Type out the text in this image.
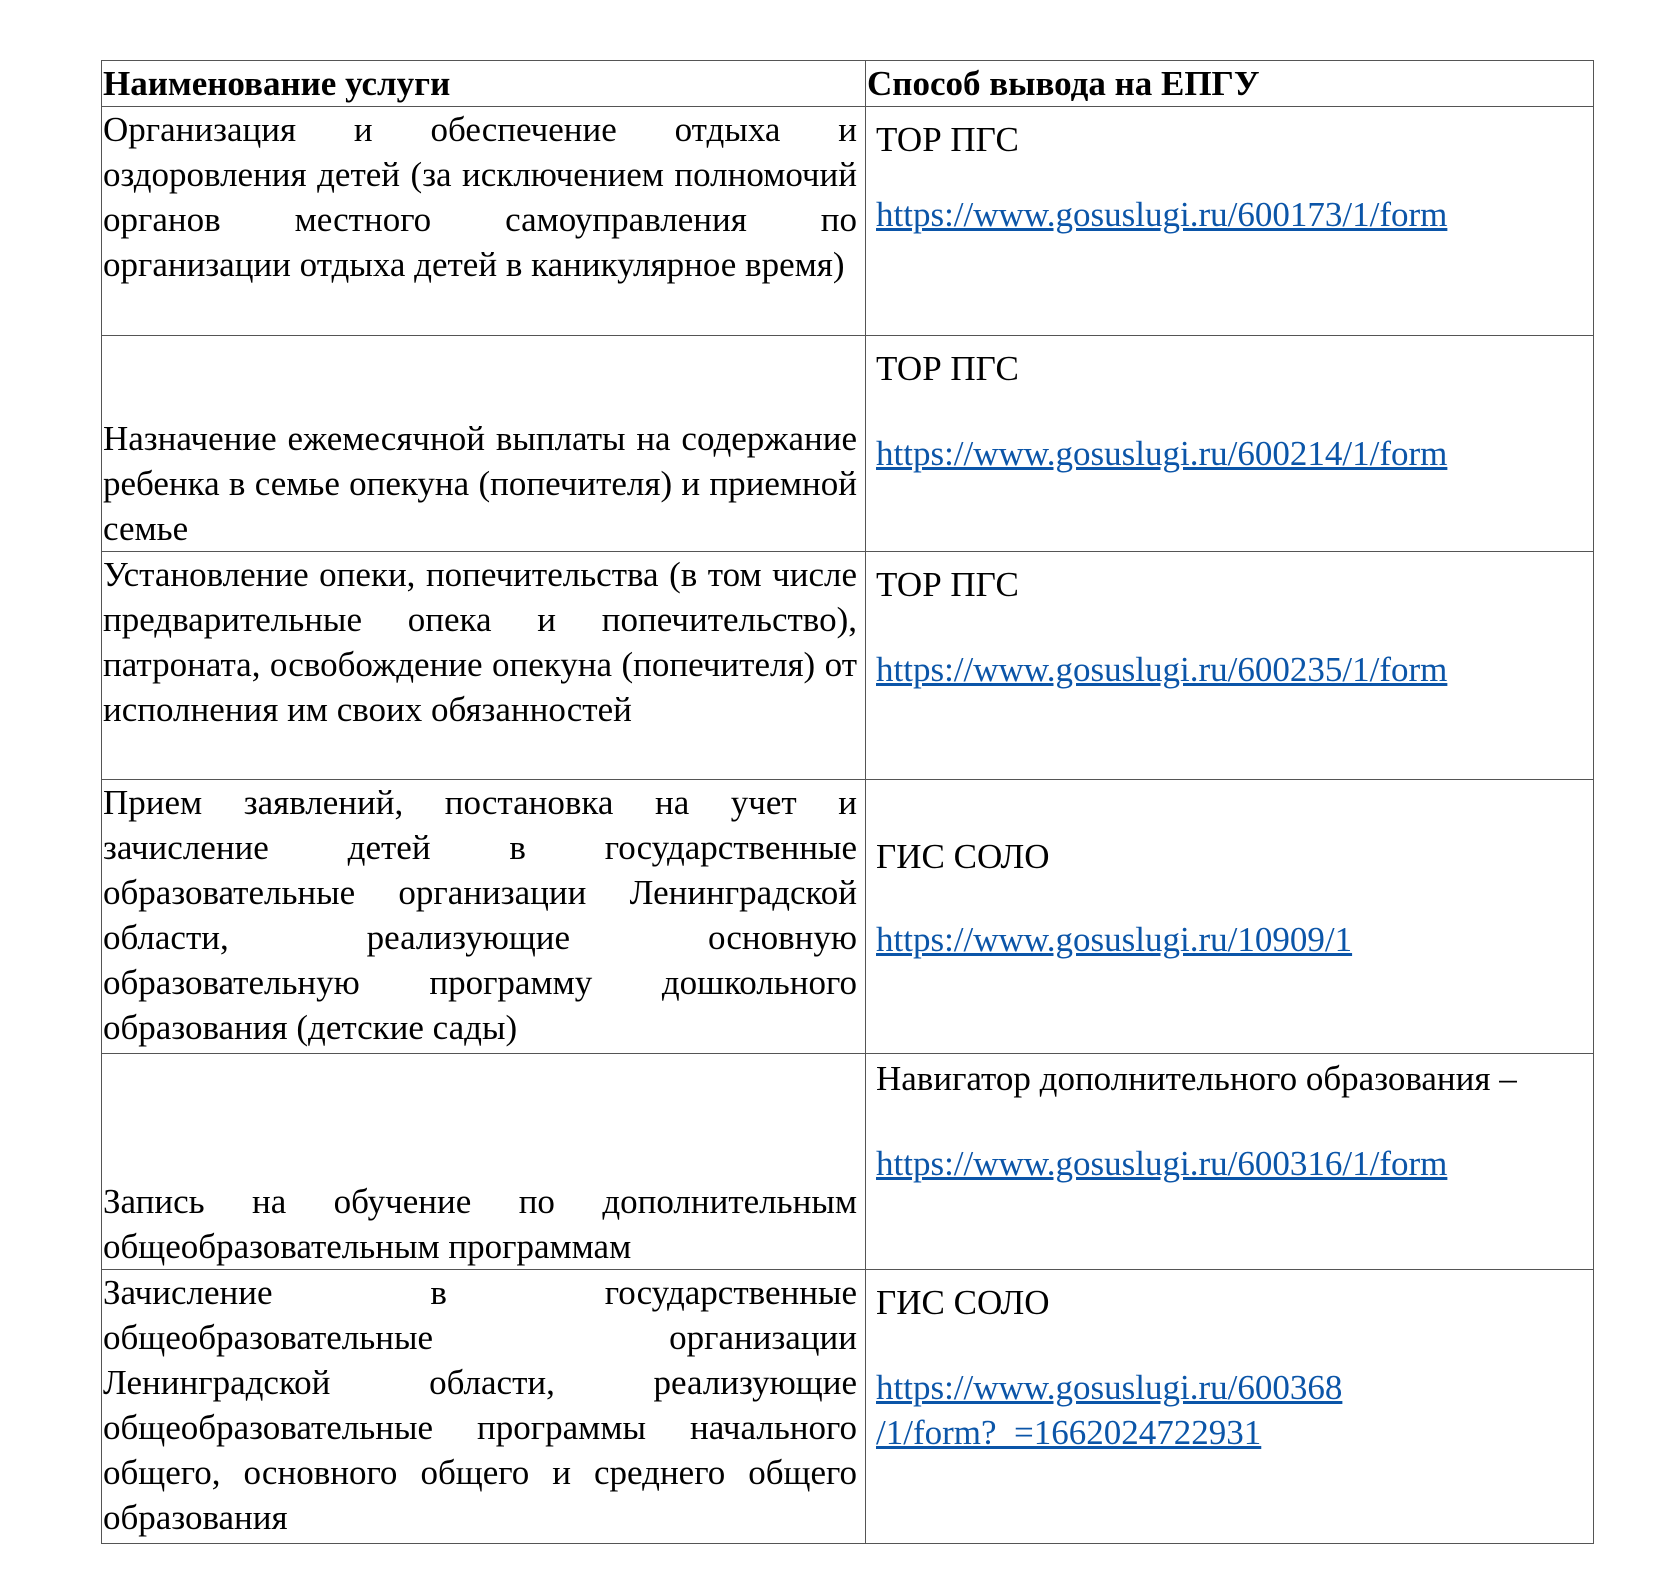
Наименование услуги	Способ вывода на ЕПГУ
Организация и обеспечение отдыха и оздоровления детей (за исключением полномочий органов местного самоуправления по организации отдыха детей в каникулярное время)	ТОР ПГС
https://www.gosuslugi.ru/600173/1/form

Назначение ежемесячной выплаты на содержание ребенка в семье опекуна (попечителя) и приемной семье	ТОР ПГС
https://www.gosuslugi.ru/600214/1/form

Установление опеки, попечительства (в том числе предварительные опека и попечительство), патроната, освобождение опекуна (попечителя) от исполнения им своих обязанностей	ТОР ПГС
https://www.gosuslugi.ru/600235/1/form

Прием заявлений, постановка на учет и зачисление детей в государственные образовательные организации Ленинградской области, реализующие основную образовательную программу дошкольного образования (детские сады)	ГИС СОЛО
https://www.gosuslugi.ru/10909/1

Запись на обучение по дополнительным общеобразовательным программам	Навигатор дополнительного образования –
https://www.gosuslugi.ru/600316/1/form

Зачисление в государственные общеобразовательные организации Ленинградской области, реализующие общеобразовательные программы начального общего, основного общего и среднего общего образования	ГИС СОЛО
https://www.gosuslugi.ru/600368
/1/form?_=1662024722931
